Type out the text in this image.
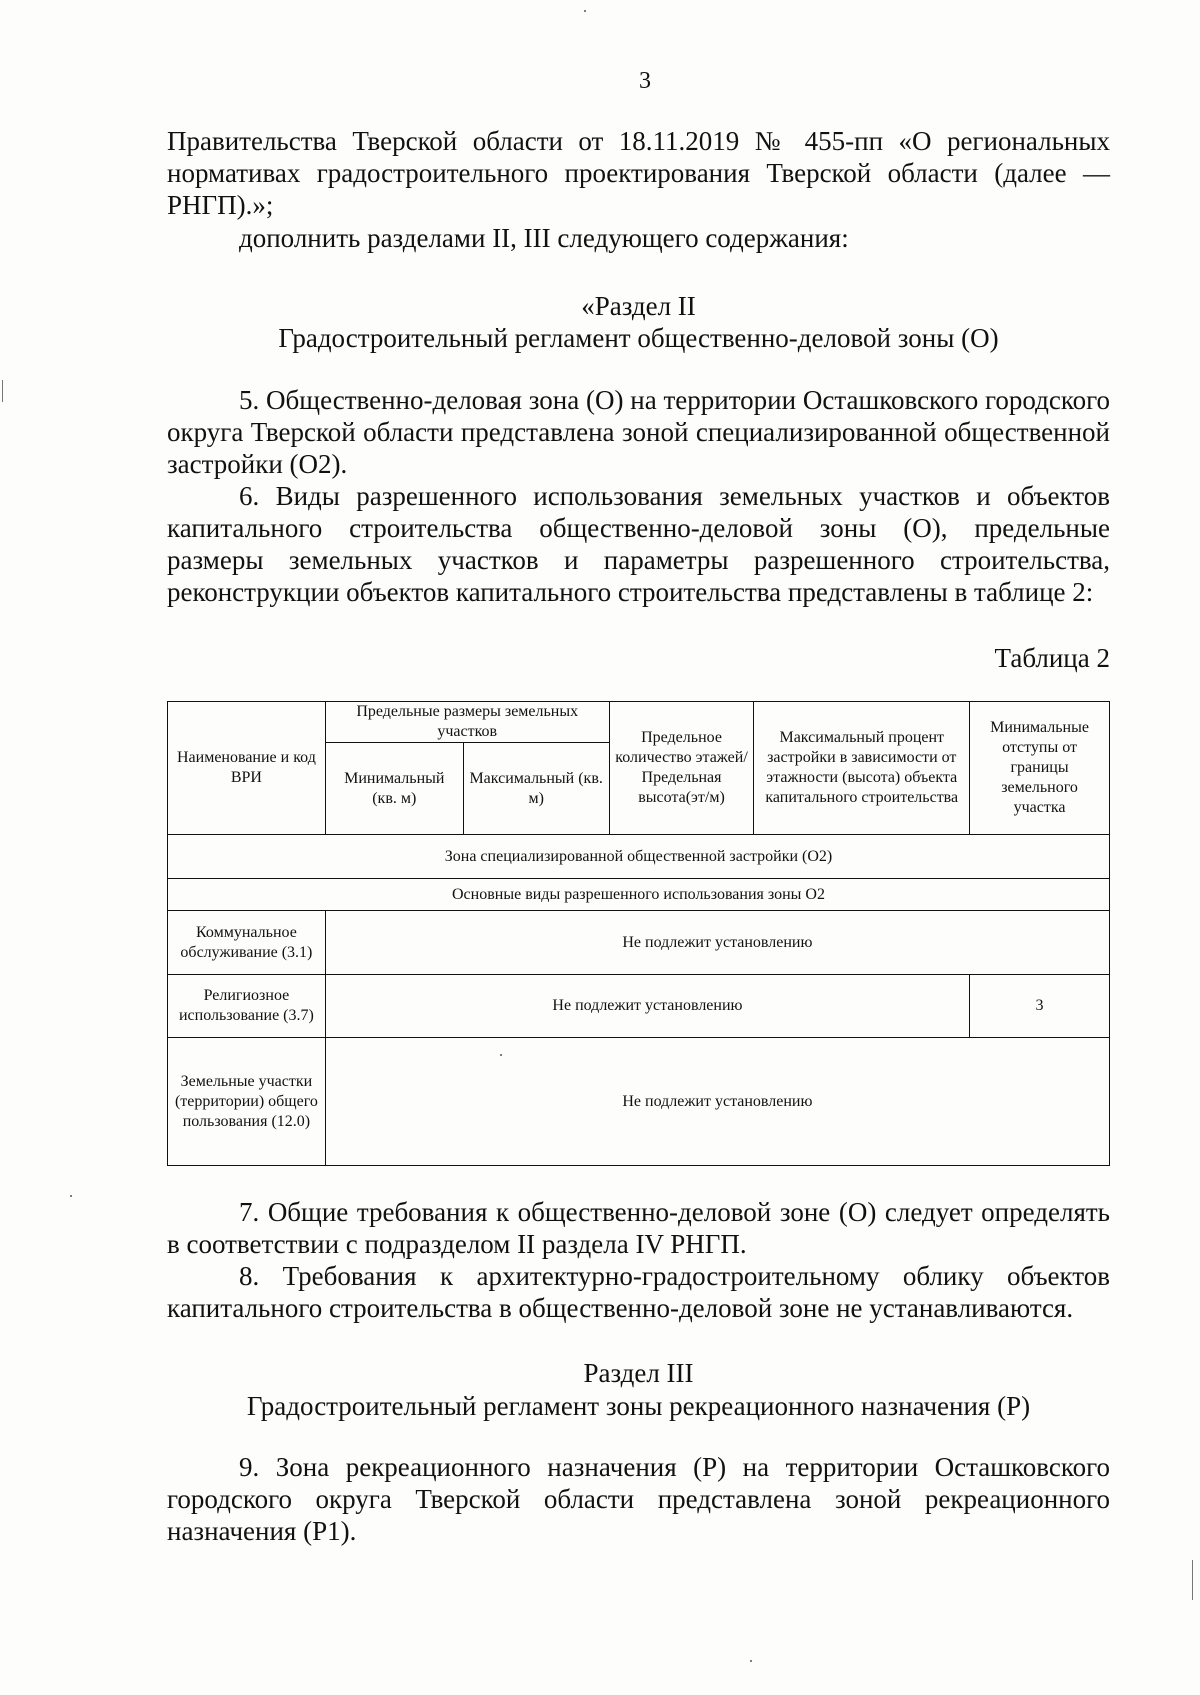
3
Правительства Тверской области от 18.11.2019 № 455-пп «О региональных
нормативах градостроительного проектирования Тверской области (далее —
РНГП).»;
дополнить разделами II, III следующего содержания:
«Раздел II
Градостроительный регламент общественно-деловой зоны (О)
5. Общественно-деловая зона (О) на территории Осташковского городского округа Тверской области представлена зоной специализированной общественной застройки (О2).
6. Виды разрешенного использования земельных участков и объектов капитального строительства общественно-деловой зоны (О), предельные размеры земельных участков и параметры разрешенного строительства, реконструкции объектов капитального строительства представлены в таблице 2:
Таблица 2
Наименование и код ВРИ	Предельные размеры земельных участков		Предельное количество этажей/ Предельная высота(эт/м)	Максимальный процент застройки в зависимости от этажности (высота) объекта капитального строительства	Минимальные отступы от границы земельного участка
	Минимальный (кв. м)	Максимальный (кв. м)			
Зона специализированной общественной застройки (О2)					
Основные виды разрешенного использования зоны О2					
Коммунальное обслуживание (3.1)	Не подлежит установлению				
Религиозное использование (3.7)	Не подлежит установлению				3
Земельные участки (территории) общего пользования (12.0)	Не подлежит установлению				
7. Общие требования к общественно-деловой зоне (О) следует определять в соответствии с подразделом II раздела IV РНГП.
8. Требования к архитектурно-градостроительному облику объектов капитального строительства в общественно-деловой зоне не устанавливаются.
Раздел III
Градостроительный регламент зоны рекреационного назначения (Р)
9. Зона рекреационного назначения (Р) на территории Осташковского городского округа Тверской области представлена зоной рекреационного назначения (Р1).
